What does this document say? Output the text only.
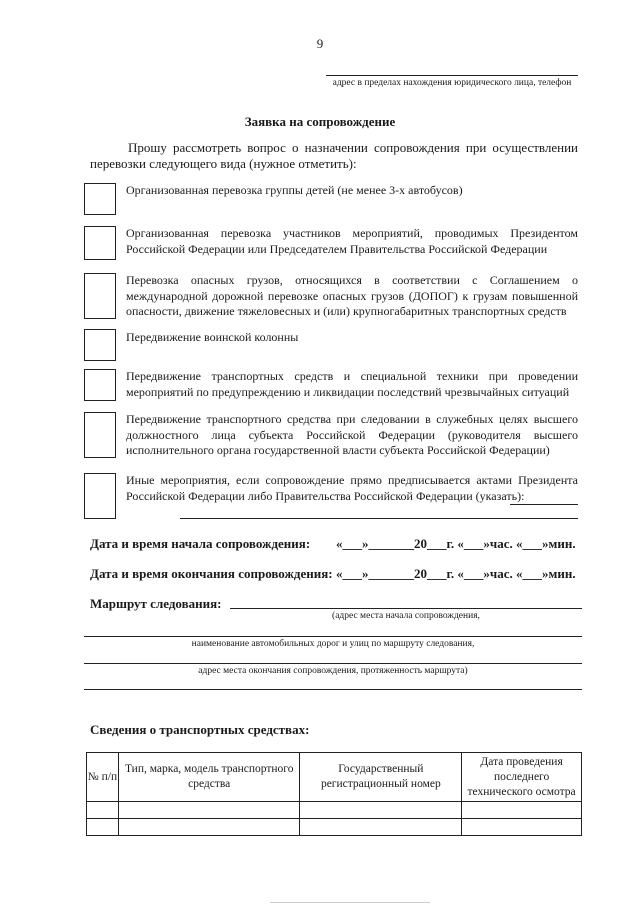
9
адрес в пределах нахождения юридического лица, телефон
Заявка на сопровождение
Прошу рассмотреть вопрос о назначении сопровождения при осуществлении перевозки следующего вида (нужное отметить):
Организованная перевозка группы детей (не менее 3-х автобусов)
Организованная перевозка участников мероприятий, проводимых Президентом Российской Федерации или Председателем Правительства Российской Федерации
Перевозка опасных грузов, относящихся в соответствии с Соглашением о международной дорожной перевозке опасных грузов (ДОПОГ) к грузам повышенной опасности, движение тяжеловесных и (или) крупногабаритных транспортных средств
Передвижение воинской колонны
Передвижение транспортных средств и специальной техники при проведении мероприятий по предупреждению и ликвидации последствий чрезвычайных ситуаций
Передвижение транспортного средства при следовании в служебных целях высшего должностного лица субъекта Российской Федерации (руководителя высшего исполнительного органа государственной власти субъекта Российской Федерации)
Иные мероприятия, если сопровождение прямо предписывается актами Президента Российской Федерации либо Правительства Российской Федерации (указать):
Дата и время начала сопровождения: «___»_______20___г. «___»час. «___»мин.
Дата и время окончания сопровождения: «___»_______20___г. «___»час. «___»мин.
Маршрут следования:
(адрес места начала сопровождения,
наименование автомобильных дорог и улиц по маршруту следования,
адрес места окончания сопровождения, протяженность маршрута)
Сведения о транспортных средствах:
№ п/п	Тип, марка, модель транспортного средства	Государственный регистрационный номер	Дата проведения последнего технического осмотра
